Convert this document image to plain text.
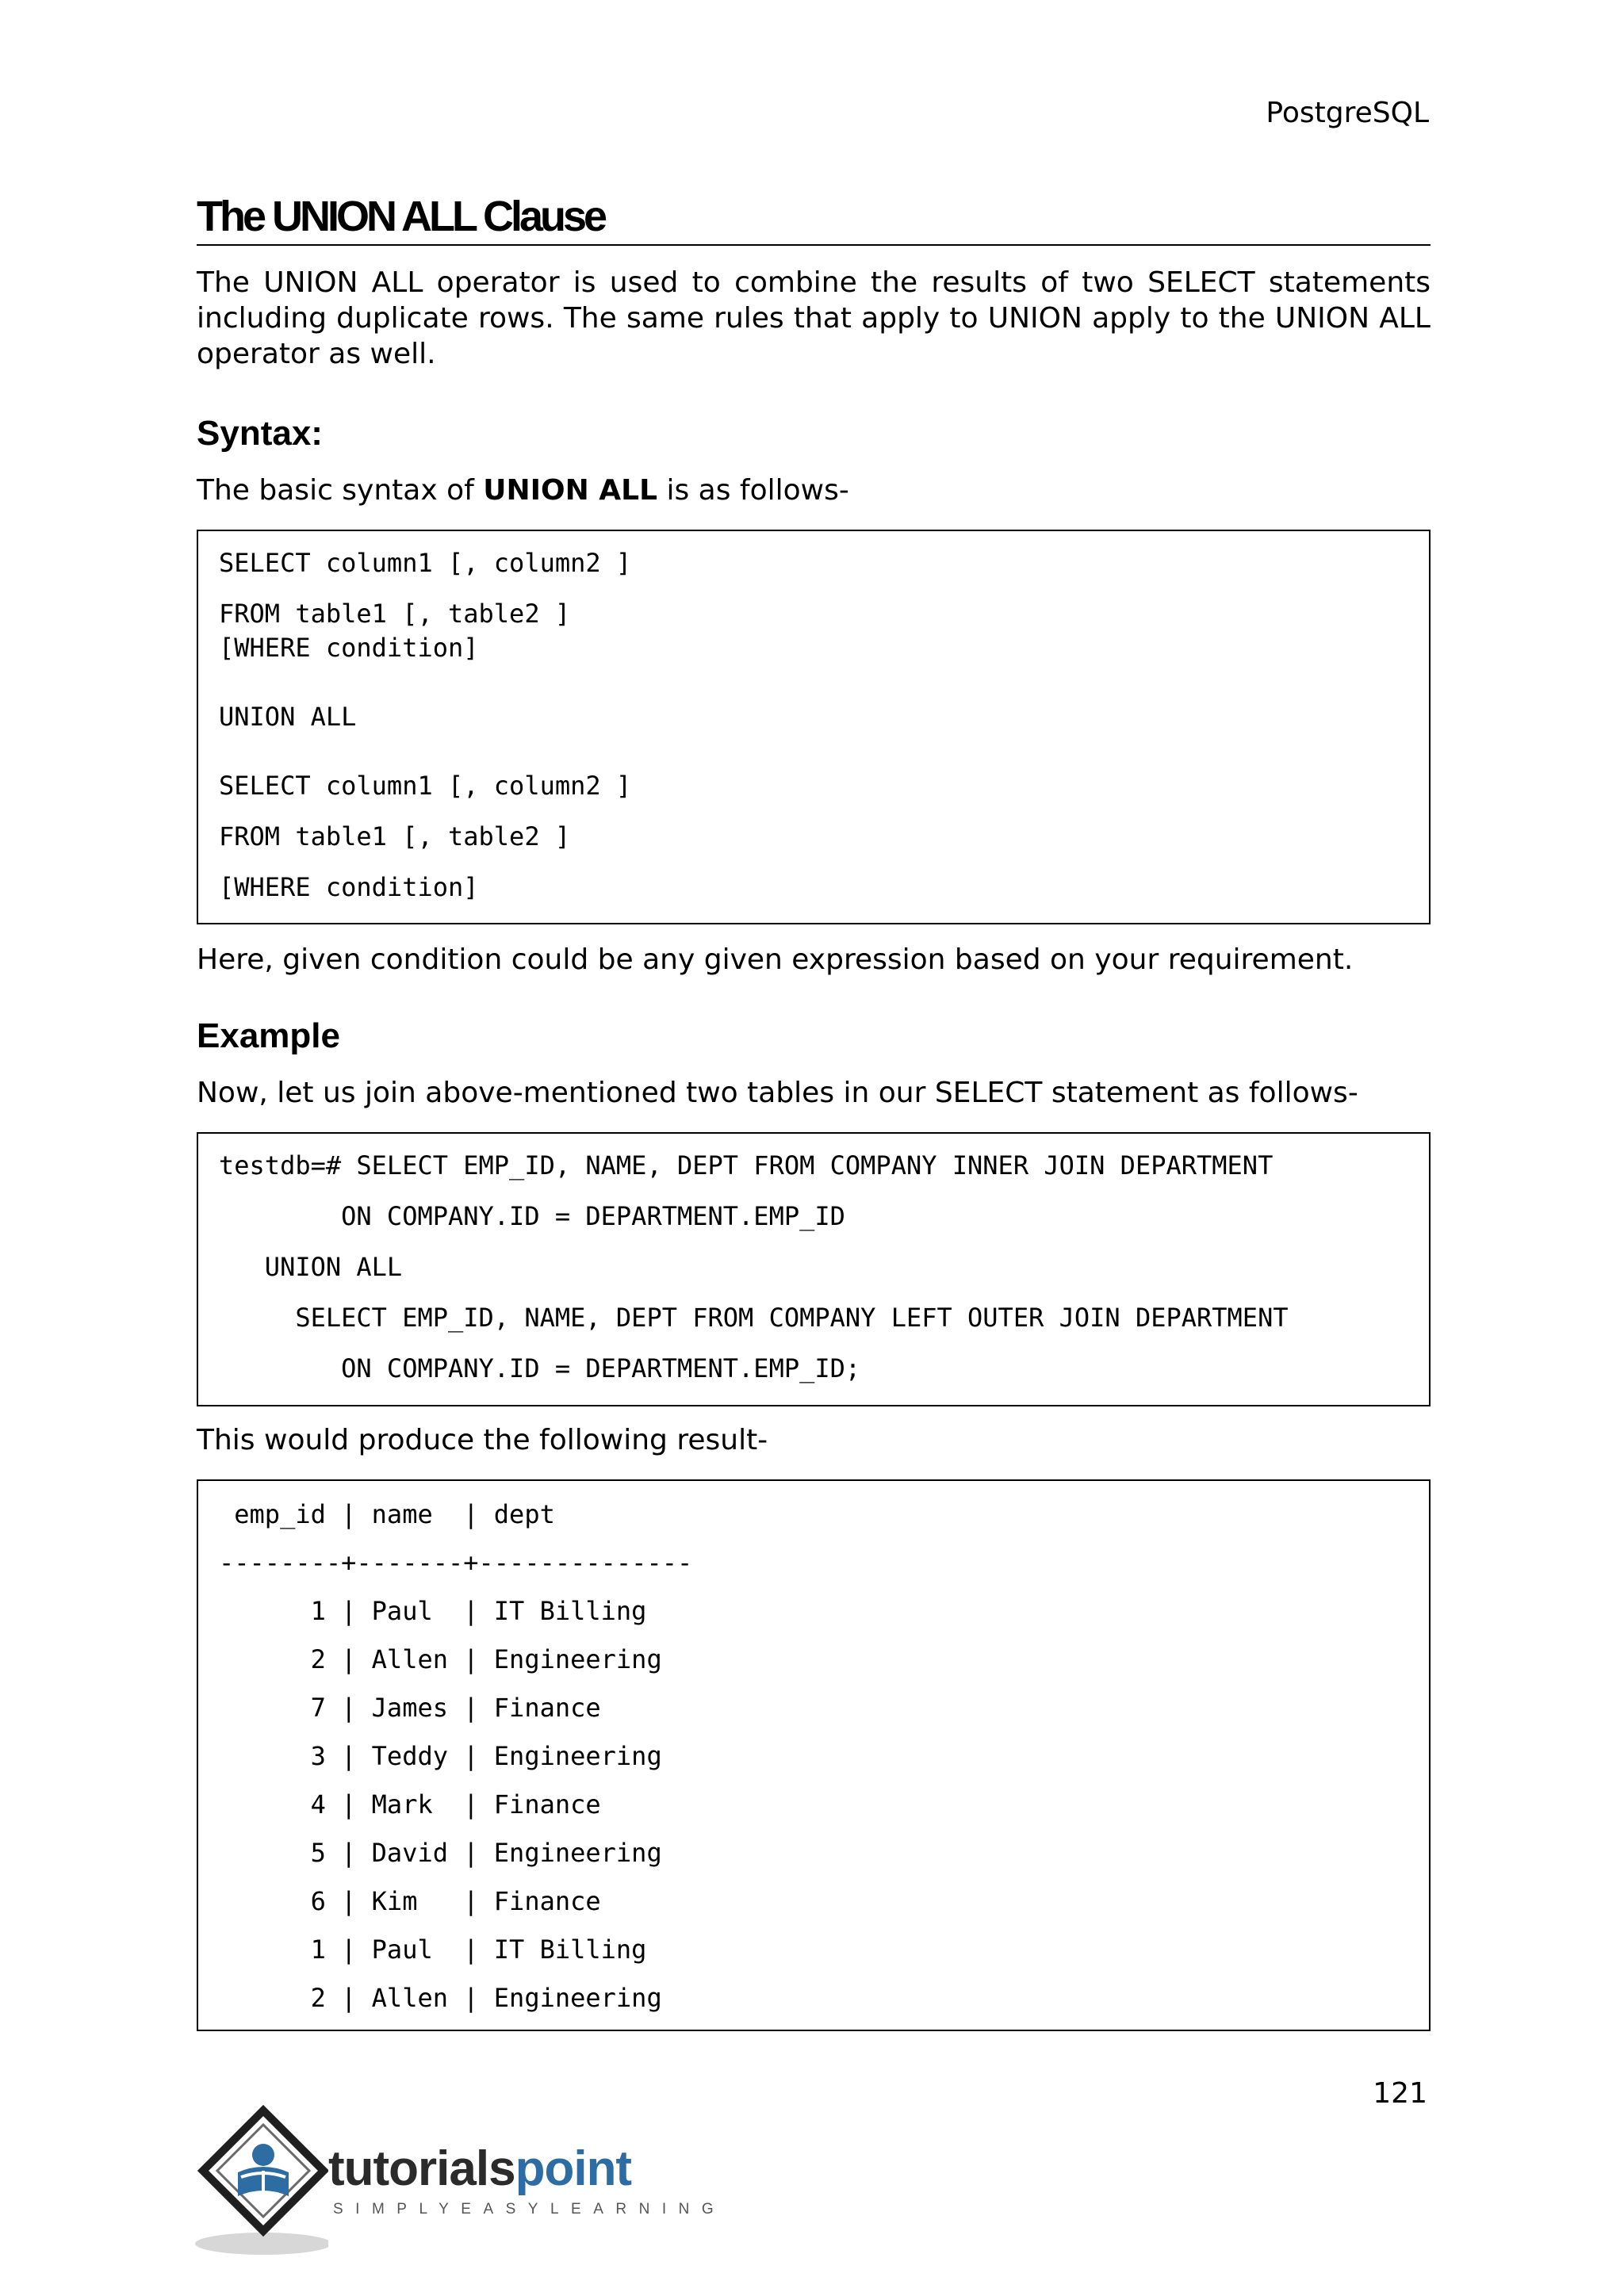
PostgreSQL
The UNION ALL Clause

The UNION ALL operator is used to combine the results of two SELECT statements including duplicate rows. The same rules that apply to UNION apply to the UNION ALL operator as well.

Syntax:

The basic syntax of UNION ALL is as follows-

SELECT column1 [, column2 ]
FROM table1 [, table2 ]
[WHERE condition]
UNION ALL
SELECT column1 [, column2 ]
FROM table1 [, table2 ]
[WHERE condition]

Here, given condition could be any given expression based on your requirement.

Example

Now, let us join above-mentioned two tables in our SELECT statement as follows-

testdb=# SELECT EMP_ID, NAME, DEPT FROM COMPANY INNER JOIN DEPARTMENT
ON COMPANY.ID = DEPARTMENT.EMP_ID
UNION ALL
SELECT EMP_ID, NAME, DEPT FROM COMPANY LEFT OUTER JOIN DEPARTMENT
ON COMPANY.ID = DEPARTMENT.EMP_ID;

This would produce the following result-

emp_id | name  | dept
--------+-------+--------------
1 | Paul  | IT Billing
2 | Allen | Engineering
7 | James | Finance
3 | Teddy | Engineering
4 | Mark  | Finance
5 | David | Engineering
6 | Kim   | Finance
1 | Paul  | IT Billing
2 | Allen | Engineering
121
tutorialspoint
SIMPLYEASYLEARNING
